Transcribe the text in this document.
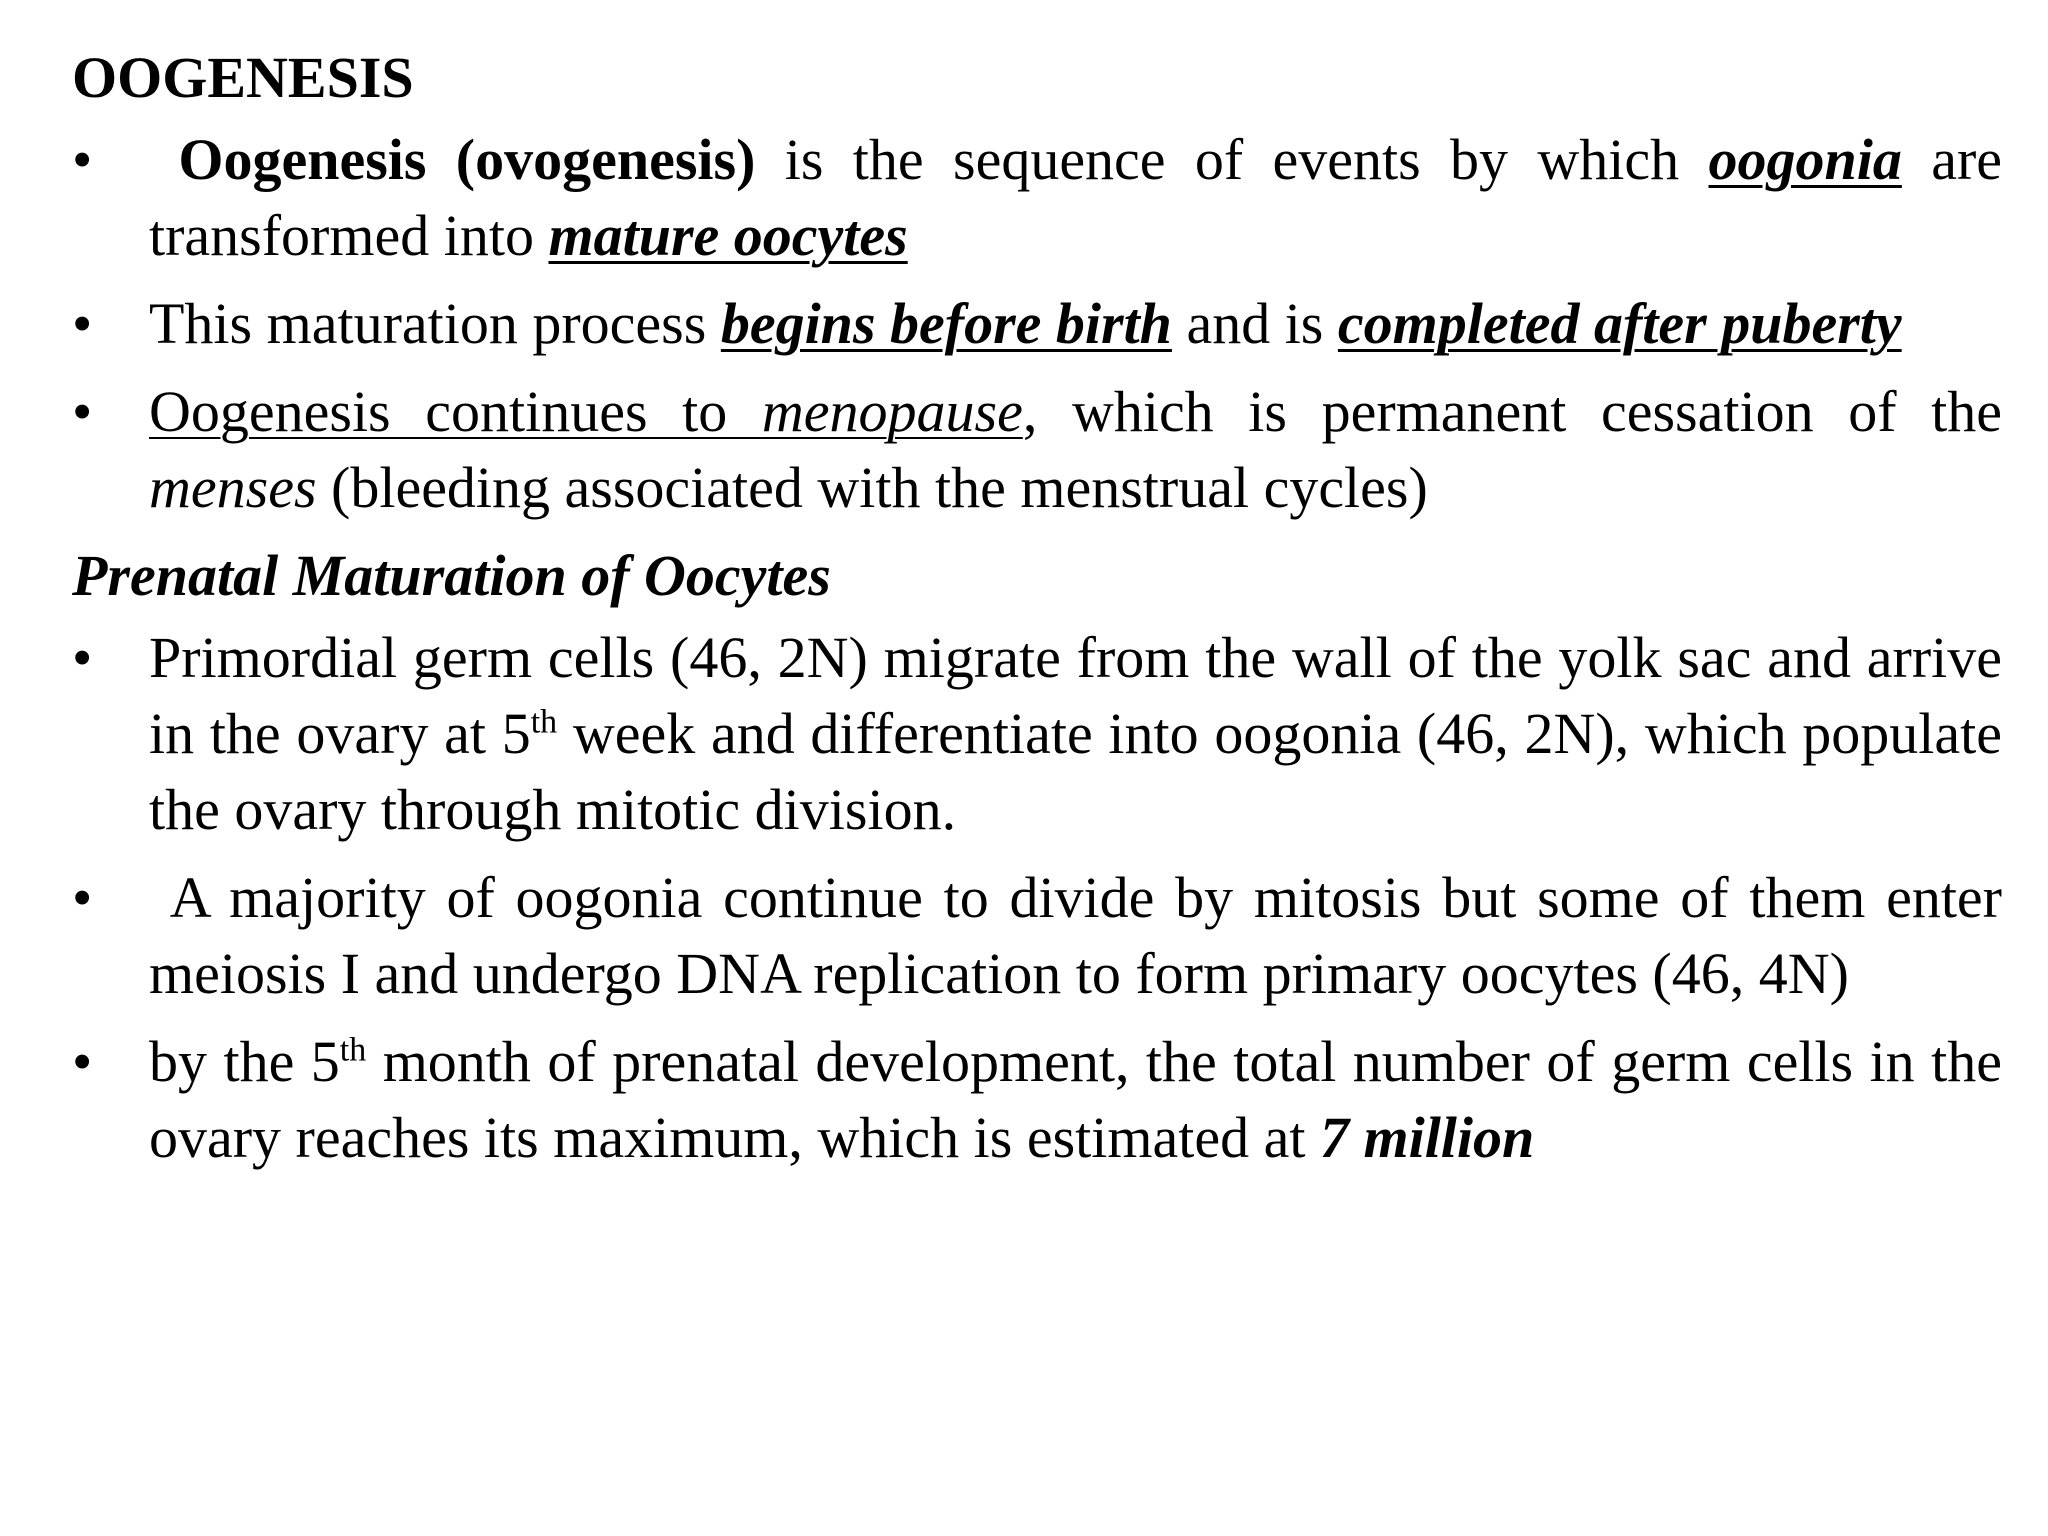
OOGENESIS
•	Oogenesis (ovogenesis) is the sequence of events by which oogonia are transformed into mature oocytes
• This maturation process begins before birth and is completed after puberty
• Oogenesis continues to menopause, which is permanent cessation of the menses (bleeding associated with the menstrual cycles)
Prenatal Maturation of Oocytes
• Primordial germ cells (46, 2N) migrate from the wall of the yolk sac and arrive in the ovary at 5th week and differentiate into oogonia (46, 2N), which populate the ovary through mitotic division.
•	A majority of oogonia continue to divide by mitosis but some of them enter meiosis I and undergo DNA replication to form primary oocytes (46, 4N)
• by the 5th month of prenatal development, the total number of germ cells in the ovary reaches its maximum, which is estimated at 7 million
